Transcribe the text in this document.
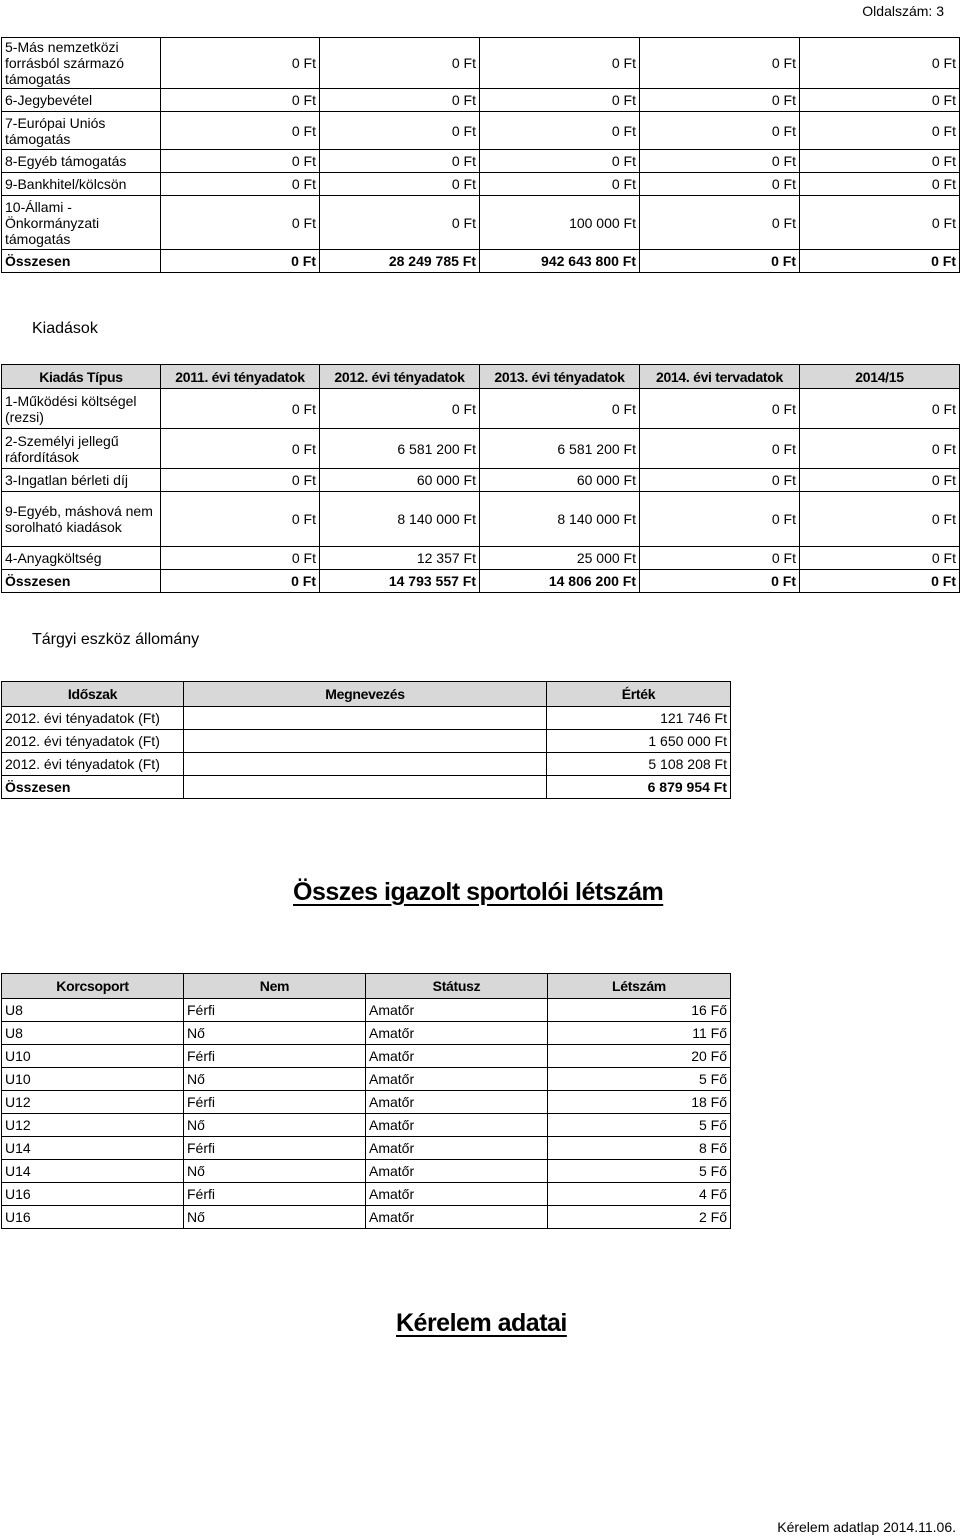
Oldalszám: 3
5-Más nemzetközi forrásból származó támogatás	0 Ft	0 Ft	0 Ft	0 Ft	0 Ft
6-Jegybevétel	0 Ft	0 Ft	0 Ft	0 Ft	0 Ft
7-Európai Uniós támogatás	0 Ft	0 Ft	0 Ft	0 Ft	0 Ft
8-Egyéb támogatás	0 Ft	0 Ft	0 Ft	0 Ft	0 Ft
9-Bankhitel/kölcsön	0 Ft	0 Ft	0 Ft	0 Ft	0 Ft
10-Állami - Önkormányzati támogatás	0 Ft	0 Ft	100 000 Ft	0 Ft	0 Ft
Összesen	0 Ft	28 249 785 Ft	942 643 800 Ft	0 Ft	0 Ft
Kiadások
Kiadás Típus	2011. évi tényadatok	2012. évi tényadatok	2013. évi tényadatok	2014. évi tervadatok	2014/15
1-Működési költségel (rezsi)	0 Ft	0 Ft	0 Ft	0 Ft	0 Ft
2-Személyi jellegű ráfordítások	0 Ft	6 581 200 Ft	6 581 200 Ft	0 Ft	0 Ft
3-Ingatlan bérleti díj	0 Ft	60 000 Ft	60 000 Ft	0 Ft	0 Ft
9-Egyéb, máshová nem sorolható kiadások	0 Ft	8 140 000 Ft	8 140 000 Ft	0 Ft	0 Ft
4-Anyagköltség	0 Ft	12 357 Ft	25 000 Ft	0 Ft	0 Ft
Összesen	0 Ft	14 793 557 Ft	14 806 200 Ft	0 Ft	0 Ft
Tárgyi eszköz állomány
Időszak	Megnevezés	Érték
2012. évi tényadatok (Ft)		121 746 Ft
2012. évi tényadatok (Ft)		1 650 000 Ft
2012. évi tényadatok (Ft)		5 108 208 Ft
Összesen		6 879 954 Ft
Összes igazolt sportolói létszám
Korcsoport	Nem	Státusz	Létszám
U8	Férfi	Amatőr	16 Fő
U8	Nő	Amatőr	11 Fő
U10	Férfi	Amatőr	20 Fő
U10	Nő	Amatőr	5 Fő
U12	Férfi	Amatőr	18 Fő
U12	Nő	Amatőr	5 Fő
U14	Férfi	Amatőr	8 Fő
U14	Nő	Amatőr	5 Fő
U16	Férfi	Amatőr	4 Fő
U16	Nő	Amatőr	2 Fő
Kérelem adatai
Kérelem adatlap 2014.11.06.
